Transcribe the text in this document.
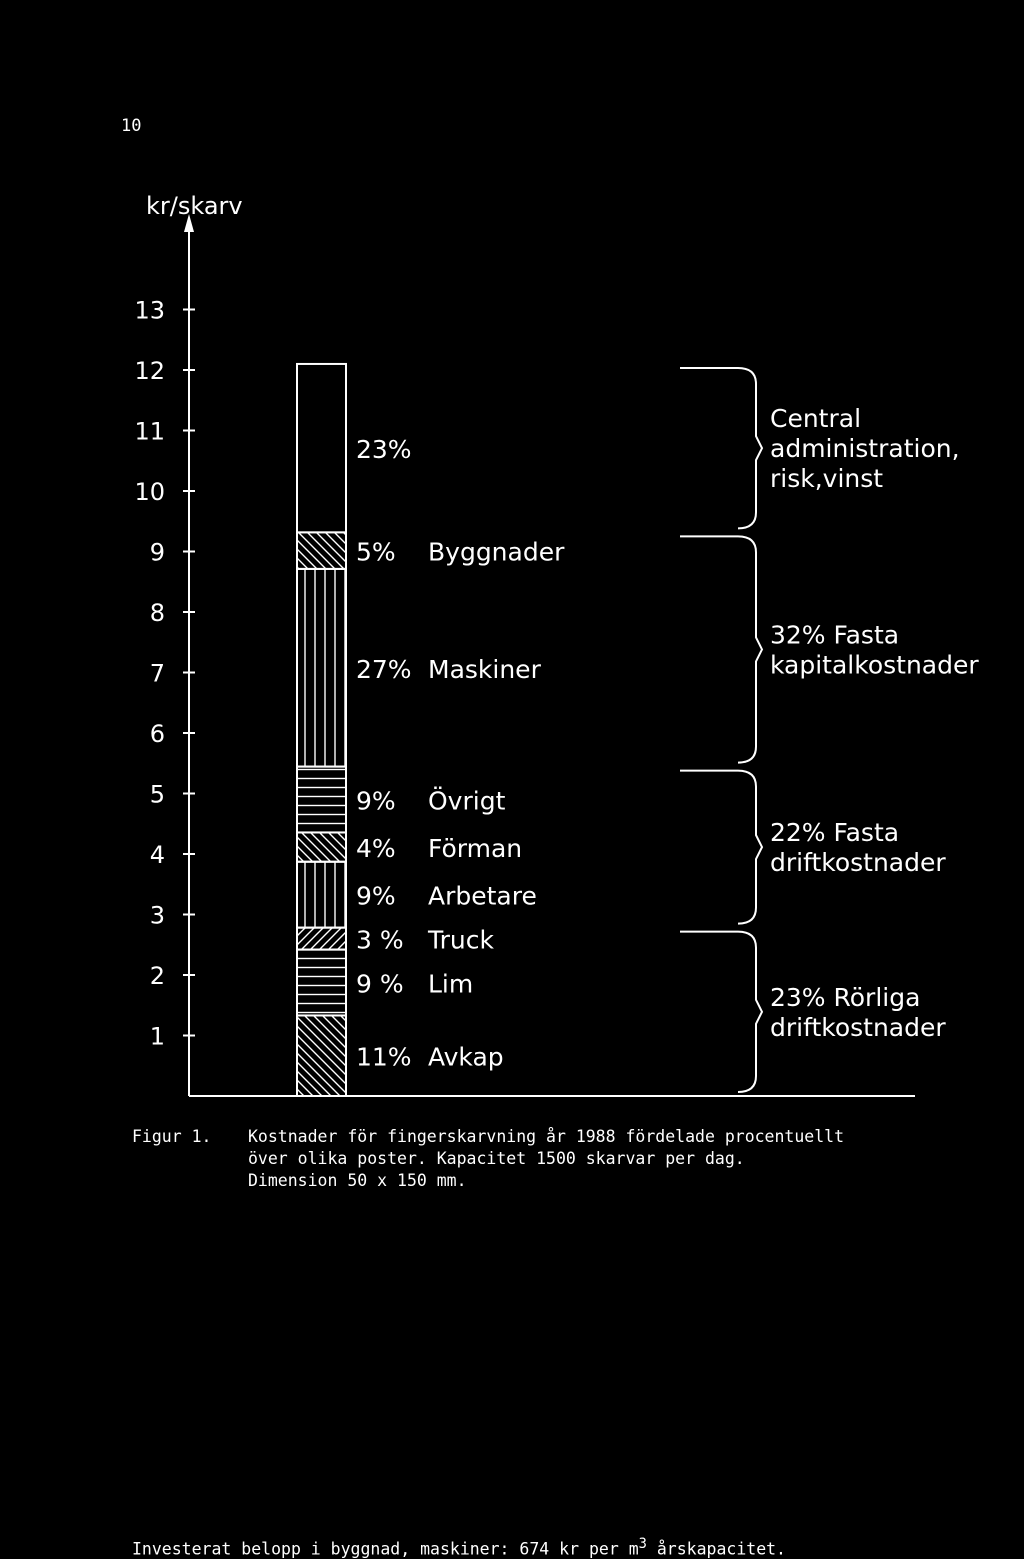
10
kr/skarv
1
2
3
4
5
6
7
8
9
10
11
12
13
11% Avkap
9 % Lim
3 % Truck
9% Arbetare
4% Förman
9% Övrigt
27% Maskiner
5% Byggnader
23%
23% Rörliga
driftkostnader
22% Fasta
driftkostnader
32% Fasta
kapitalkostnader
Central
administration,
risk,vinst
Figur 1. Kostnader för fingerskarvning år 1988 fördelade procentuellt
över olika poster. Kapacitet 1500 skarvar per dag.
Dimension 50 x 150 mm.
Investerat belopp i byggnad, maskiner: 674 kr per $m^3$ årskapacitet.
